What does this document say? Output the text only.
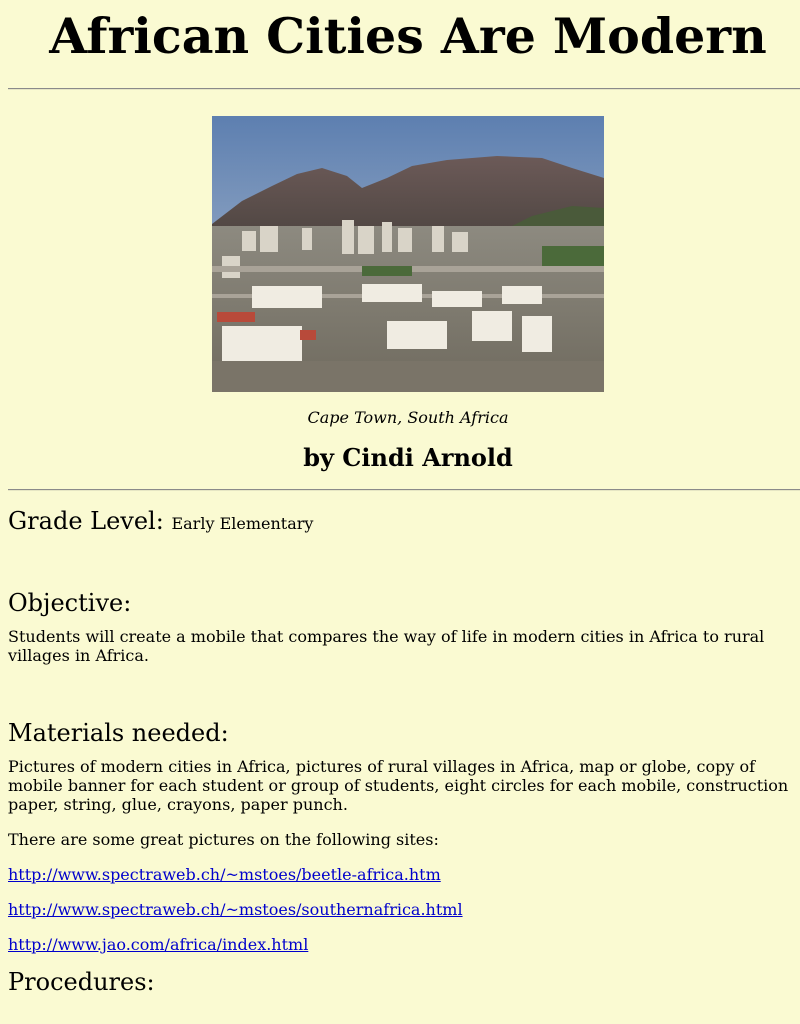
African Cities Are Modern
Cape Town, South Africa
by Cindi Arnold
Grade Level: Early Elementary
Objective:

Students will create a mobile that compares the way of life in modern cities in Africa to rural villages in Africa.

Materials needed:

Pictures of modern cities in Africa, pictures of rural villages in Africa, map or globe, copy of mobile banner for each student or group of students, eight circles for each mobile, construction paper, string, glue, crayons, paper punch.

There are some great pictures on the following sites:

http://www.spectraweb.ch/~mstoes/beetle-africa.htm

http://www.spectraweb.ch/~mstoes/southernafrica.html

http://www.jao.com/africa/index.html

Procedures:
